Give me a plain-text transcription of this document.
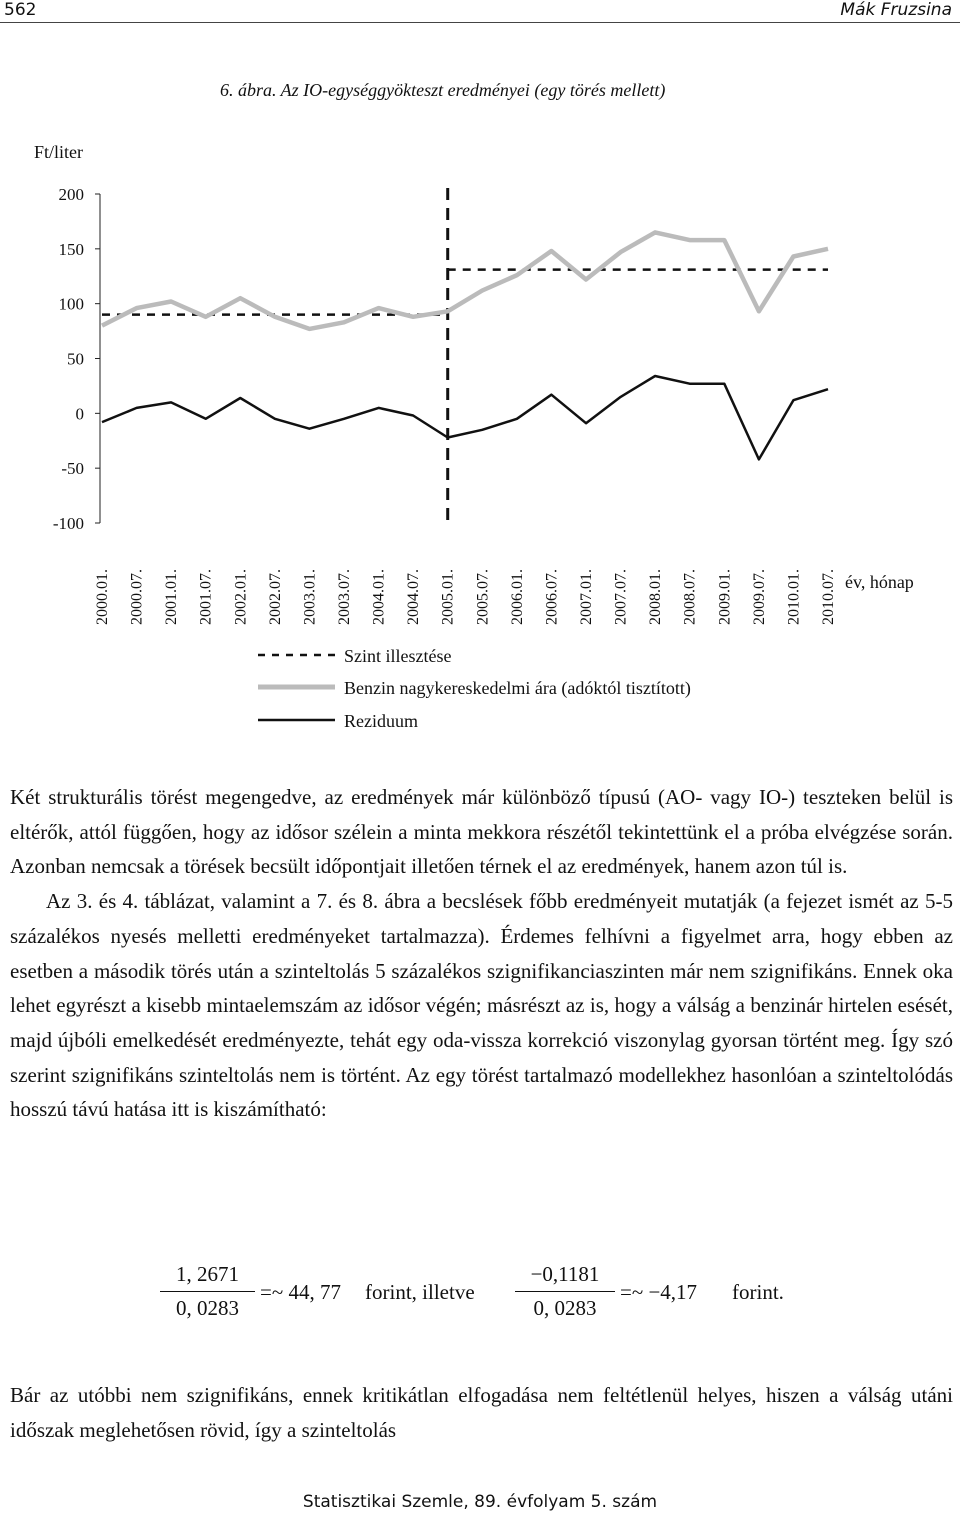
562	Mák Fruzsina
6. ábra. Az IO-egységgyökteszt eredményei (egy törés mellett)
Ft/liter
200
150
100
50
0
-50
-100
2000.01. 2000.07. 2001.01. 2001.07. 2002.01. 2002.07. 2003.01. 2003.07. 2004.01. 2004.07. 2005.01. 2005.07. 2006.01. 2006.07. 2007.01. 2007.07. 2008.01. 2008.07. 2009.01. 2009.07. 2010.01. 2010.07. év, hónap
Szint illesztése
Benzin nagykereskedelmi ára (adóktól tisztított)
Reziduum

Két strukturális törést megengedve, az eredmények már különböző típusú (AO- vagy IO-) teszteken belül is eltérők, attól függően, hogy az idősor szélein a minta mekkora részétől tekintettünk el a próba elvégzése során. Azonban nemcsak a törések becsült időpontjait illetően térnek el az eredmények, hanem azon túl is.

Az 3. és 4. táblázat, valamint a 7. és 8. ábra a becslések főbb eredményeit mutatják (a fejezet ismét az 5-5 százalékos nyesés melletti eredményeket tartalmazza). Érdemes felhívni a figyelmet arra, hogy ebben az esetben a második törés után a szinteltolás 5 százalékos szignifikanciaszinten már nem szignifikáns. Ennek oka lehet egyrészt a kisebb mintaelemszám az idősor végén; másrészt az is, hogy a válság a benzinár hirtelen esését, majd újbóli emelkedését eredményezte, tehát egy oda-vissza korrekció viszonylag gyorsan történt meg. Így szó szerint szignifikáns szinteltolás nem is történt. Az egy törést tartalmazó modellekhez hasonlóan a szinteltolódás hosszú távú hatása itt is kiszámítható:

1, 2671
0, 0283
=~ 44, 77 forint, illetve
−0,1181
0, 0283
=~ −4,17 forint.

Bár az utóbbi nem szignifikáns, ennek kritikátlan elfogadása nem feltétlenül helyes, hiszen a válság utáni időszak meglehetősen rövid, így a szinteltolás

Statisztikai Szemle, 89. évfolyam 5. szám
